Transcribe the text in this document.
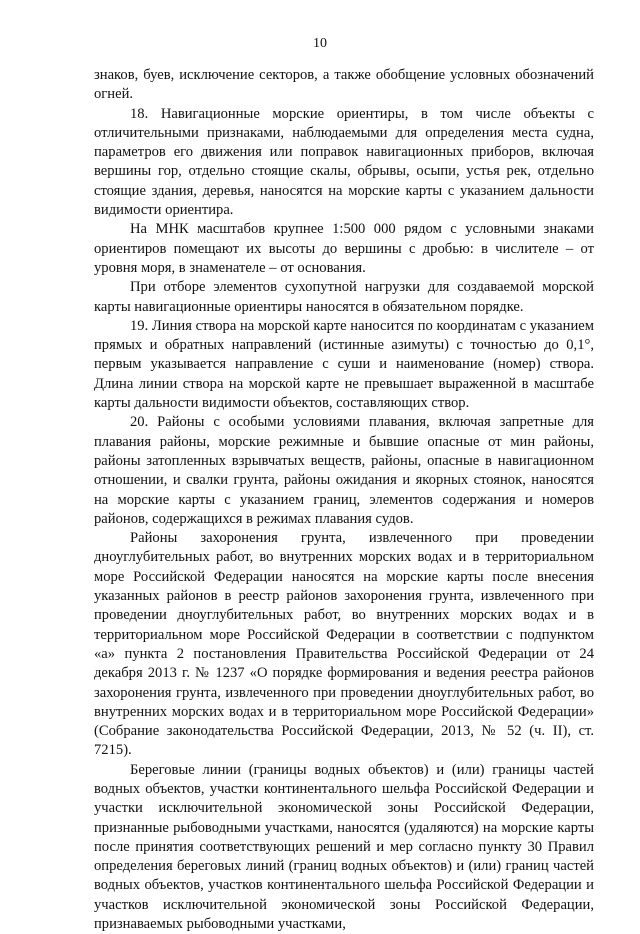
10

знаков, буев, исключение секторов, а также обобщение условных обозначений огней.

18. Навигационные морские ориентиры, в том числе объекты с отличительными признаками, наблюдаемыми для определения места судна, параметров его движения или поправок навигационных приборов, включая вершины гор, отдельно стоящие скалы, обрывы, осыпи, устья рек, отдельно стоящие здания, деревья, наносятся на морские карты с указанием дальности видимости ориентира.

На МНК масштабов крупнее 1:500 000 рядом с условными знаками ориентиров помещают их высоты до вершины с дробью: в числителе – от уровня моря, в знаменателе – от основания.

При отборе элементов сухопутной нагрузки для создаваемой морской карты навигационные ориентиры наносятся в обязательном порядке.

19. Линия створа на морской карте наносится по координатам с указанием прямых и обратных направлений (истинные азимуты) с точностью до 0,1°, первым указывается направление с суши и наименование (номер) створа. Длина линии створа на морской карте не превышает выраженной в масштабе карты дальности видимости объектов, составляющих створ.

20. Районы с особыми условиями плавания, включая запретные для плавания районы, морские режимные и бывшие опасные от мин районы, районы затопленных взрывчатых веществ, районы, опасные в навигационном отношении, и свалки грунта, районы ожидания и якорных стоянок, наносятся на морские карты с указанием границ, элементов содержания и номеров районов, содержащихся в режимах плавания судов.

Районы захоронения грунта, извлеченного при проведении дноуглубительных работ, во внутренних морских водах и в территориальном море Российской Федерации наносятся на морские карты после внесения указанных районов в реестр районов захоронения грунта, извлеченного при проведении дноуглубительных работ, во внутренних морских водах и в территориальном море Российской Федерации в соответствии с подпунктом «а» пункта 2 постановления Правительства Российской Федерации от 24 декабря 2013 г. № 1237 «О порядке формирования и ведения реестра районов захоронения грунта, извлеченного при проведении дноуглубительных работ, во внутренних морских водах и в территориальном море Российской Федерации» (Собрание законодательства Российской Федерации, 2013, № 52 (ч. II), ст. 7215).

Береговые линии (границы водных объектов) и (или) границы частей водных объектов, участки континентального шельфа Российской Федерации и участки исключительной экономической зоны Российской Федерации, признанные рыбоводными участками, наносятся (удаляются) на морские карты после принятия соответствующих решений и мер согласно пункту 30 Правил определения береговых линий (границ водных объектов) и (или) границ частей водных объектов, участков континентального шельфа Российской Федерации и участков исключительной экономической зоны Российской Федерации, признаваемых рыбоводными участками,
